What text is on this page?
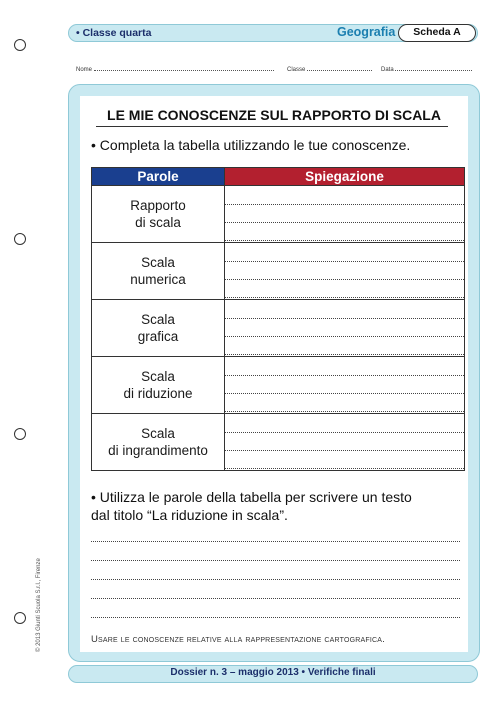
• Classe quarta	Geografia	Scheda A
Nome	Classe	Data
LE MIE CONOSCENZE SUL RAPPORTO DI SCALA
• Completa la tabella utilizzando le tue conoscenze.
Parole	Spiegazione

Rapporto
di scala	

Scala
numerica	

Scala
grafica	

Scala
di riduzione	

Scala
di ingrandimento	

• Utilizza le parole della tabella per scrivere un testo
dal titolo “La riduzione in scala”.
Usare le conoscenze relative alla rappresentazione cartografica.
© 2013 Giunti Scuola S.r.l., Firenze
Dossier n. 3 – maggio 2013 • Verifiche finali
